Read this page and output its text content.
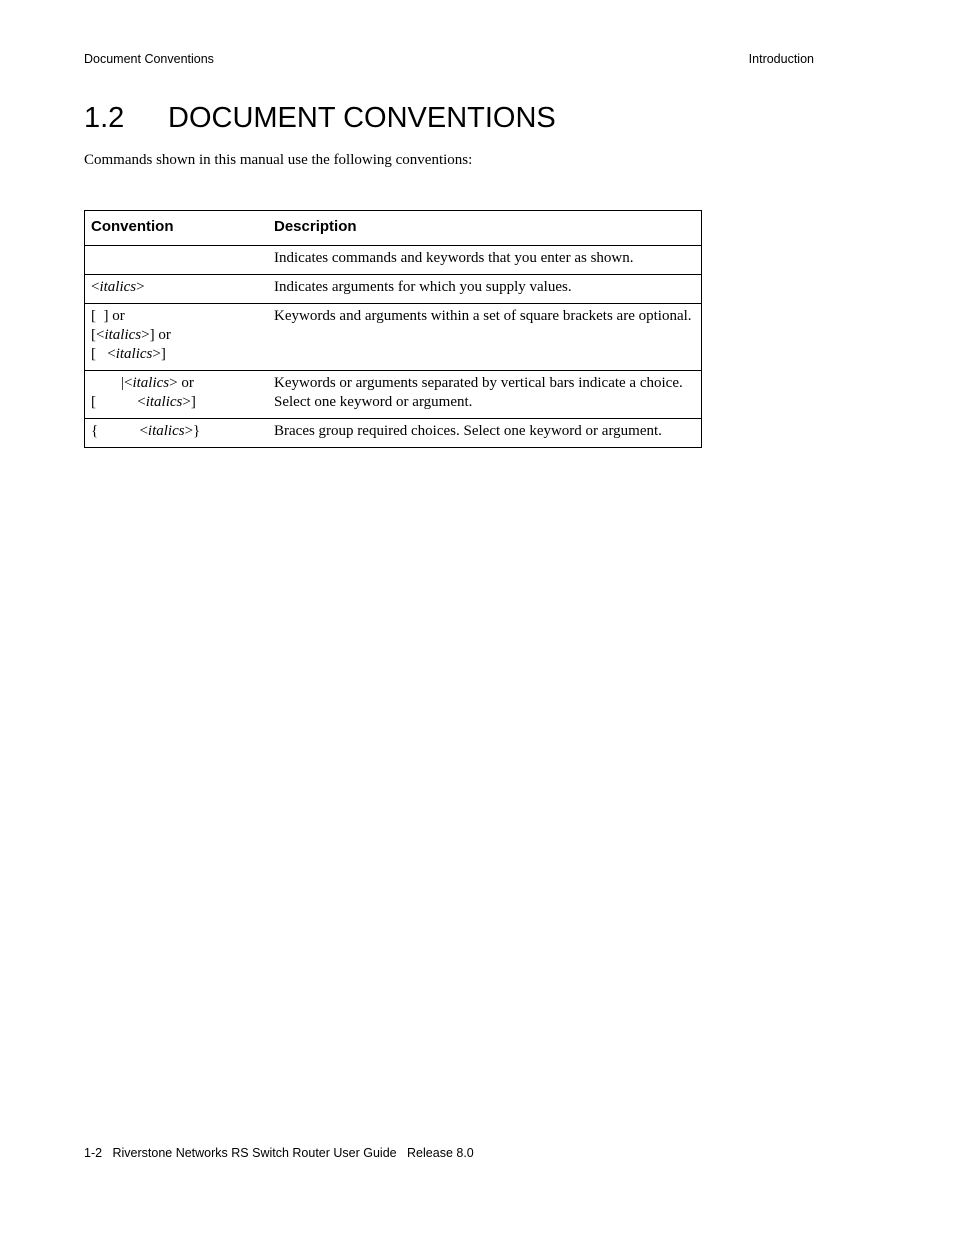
Document Conventions	Introduction
1.2 DOCUMENT CONVENTIONS

Commands shown in this manual use the following conventions:

Convention	Description

	Indicates commands and keywords that you enter as shown.

<italics>	Indicates arguments for which you supply values.

[  ] or
[<italics>] or
[   <italics>]	Keywords and arguments within a set of square brackets are optional.

|<italics> or
[           <italics>]	Keywords or arguments separated by vertical bars indicate a choice. Select one keyword or argument.

{           <italics>}	Braces group required choices. Select one keyword or argument.
1-2   Riverstone Networks RS Switch Router User Guide   Release 8.0
